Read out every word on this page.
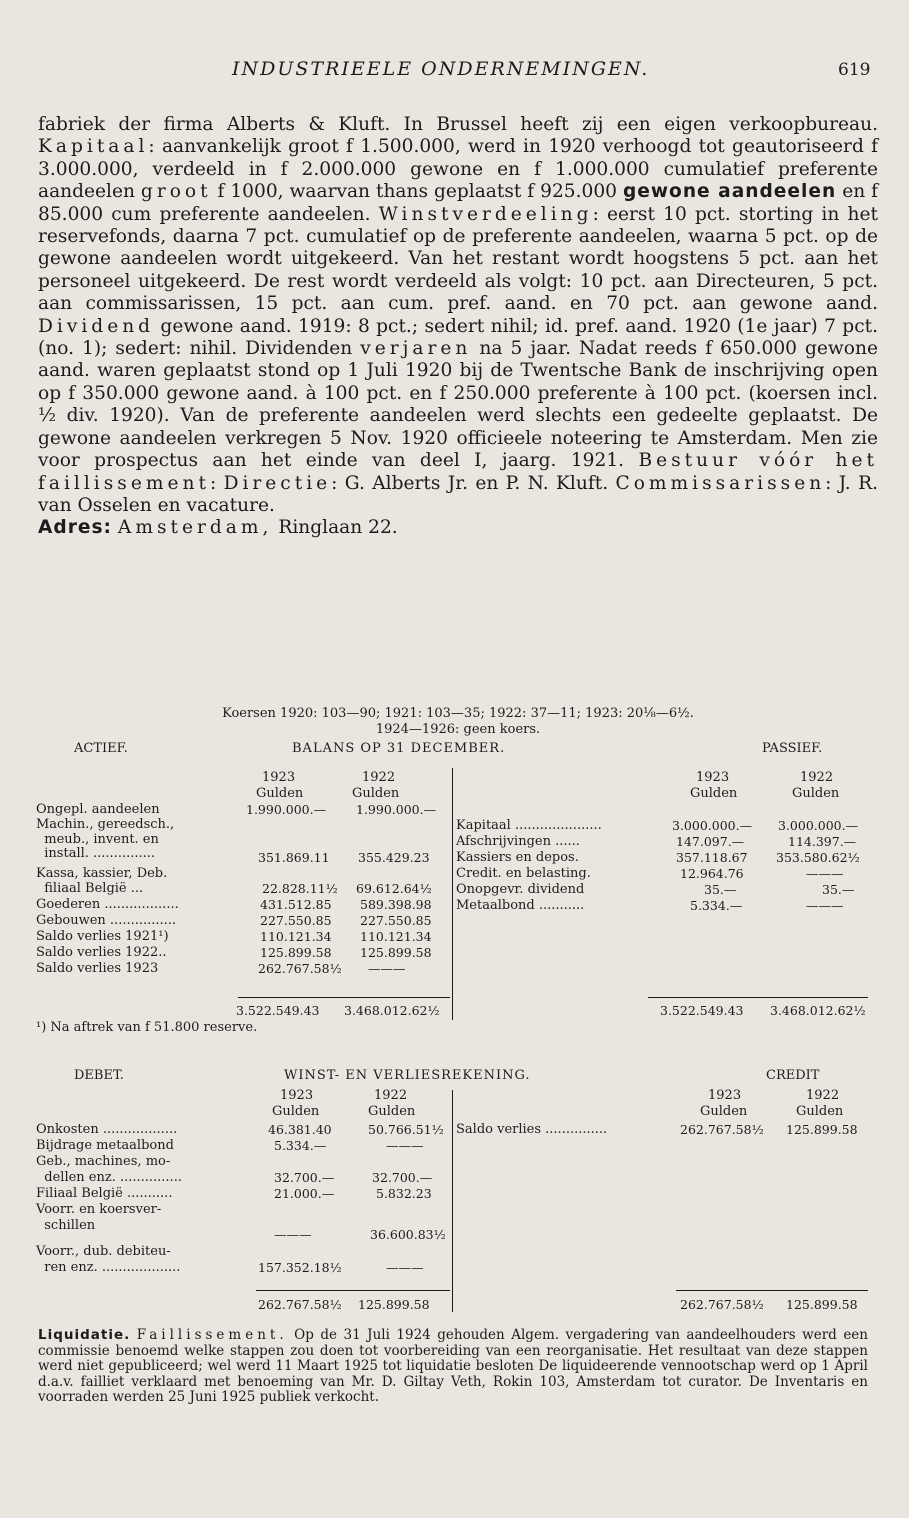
INDUSTRIEELE ONDERNEMINGEN.	619
fabriek der firma Alberts & Kluft. In Brussel heeft zij een eigen verkoopbureau. Kapitaal: aanvankelijk groot f 1.500.000, werd in 1920 verhoogd tot geautoriseerd f 3.000.000, verdeeld in f 2.000.000 gewone en f 1.000.000 cumulatief preferente aandeelen groot f 1000, waarvan thans geplaatst f 925.000 gewone aandeelen en f 85.000 cum preferente aandeelen. Winstverdeeling: eerst 10 pct. storting in het reservefonds, daarna 7 pct. cumulatief op de preferente aandeelen, waarna 5 pct. op de gewone aandeelen wordt uitgekeerd. Van het restant wordt hoogstens 5 pct. aan het personeel uitgekeerd. De rest wordt verdeeld als volgt: 10 pct. aan Directeuren, 5 pct. aan commissarissen, 15 pct. aan cum. pref. aand. en 70 pct. aan gewone aand. Dividend gewone aand. 1919: 8 pct.; sedert nihil; id. pref. aand. 1920 (1e jaar) 7 pct. (no. 1); sedert: nihil. Dividenden verjaren na 5 jaar. Nadat reeds f 650.000 gewone aand. waren geplaatst stond op 1 Juli 1920 bij de Twentsche Bank de inschrijving open op f 350.000 gewone aand. à 100 pct. en f 250.000 preferente à 100 pct. (koersen incl. ½ div. 1920). Van de preferente aandeelen werd slechts een gedeelte geplaatst. De gewone aandeelen verkregen 5 Nov. 1920 officieele noteering te Amsterdam. Men zie voor prospectus aan het einde van deel I, jaarg. 1921. Bestuur vóór het faillissement: Directie: G. Alberts Jr. en P. N. Kluft. Commissarissen: J. R. van Osselen en vacature.
Adres: Amsterdam, Ringlaan 22.
Koersen 1920: 103—90; 1921: 103—35; 1922: 37—11; 1923: 20⅛—6½.
1924—1926: geen koers.
ACTIEF.	BALANS OP 31 DECEMBER.	PASSIEF.
1923	1922
Gulden	Gulden
1923	1922
Gulden	Gulden
Ongepl. aandeelen	1.990.000.— 1.990.000.—
Machin., gereedsch.,
meub., invent. en
install. ...............	351.869.11 355.429.23
Kassa, kassier, Deb.
filiaal België ...	22.828.11½ 69.612.64½
Goederen ..................	431.512.85 589.398.98
Gebouwen ................	227.550.85 227.550.85
Saldo verlies 1921¹)	110.121.34 110.121.34
Saldo verlies 1922..	125.899.58 125.899.58
Saldo verlies 1923	262.767.58½ ———
3.522.549.43 3.468.012.62½
Kapitaal .....................	3.000.000.— 3.000.000.—
Afschrijvingen ......	147.097.—	114.397.—
Kassiers en depos.	357.118.67 353.580.62½
Credit. en belasting.	12.964.76	———
Onopgevr. dividend	35.—	35.—
Metaalbond ...........	5.334.—	———
3.522.549.43 3.468.012.62½
¹) Na aftrek van f 51.800 reserve.
DEBET.	WINST- EN VERLIESREKENING.	CREDIT
1923	1922
Gulden	Gulden
1923	1922
Gulden	Gulden
Onkosten ..................	46.381.40	50.766.51½
Bijdrage metaalbond	5.334.—	———
Geb., machines, mo-
dellen enz. ...............	32.700.—	32.700.—
Filiaal België ...........	21.000.—	5.832.23
Voorr. en koersver-
schillen
———	36.600.83½
Voorr., dub. debiteu-
ren enz. ...................	157.352.18½	———
Saldo verlies ...............	262.767.58½ 125.899.58
262.767.58½ 125.899.58	262.767.58½ 125.899.58
Liquidatie. Faillissement. Op de 31 Juli 1924 gehouden Algem. vergadering van aandeelhouders werd een commissie benoemd welke stappen zou doen tot voorbereiding van een reorganisatie. Het resultaat van deze stappen werd niet gepubliceerd; wel werd 11 Maart 1925 tot liquidatie besloten De liquideerende vennootschap werd op 1 April d.a.v. failliet verklaard met benoeming van Mr. D. Giltay Veth, Rokin 103, Amsterdam tot curator. De Inventaris en voorraden werden 25 Juni 1925 publiek verkocht.
